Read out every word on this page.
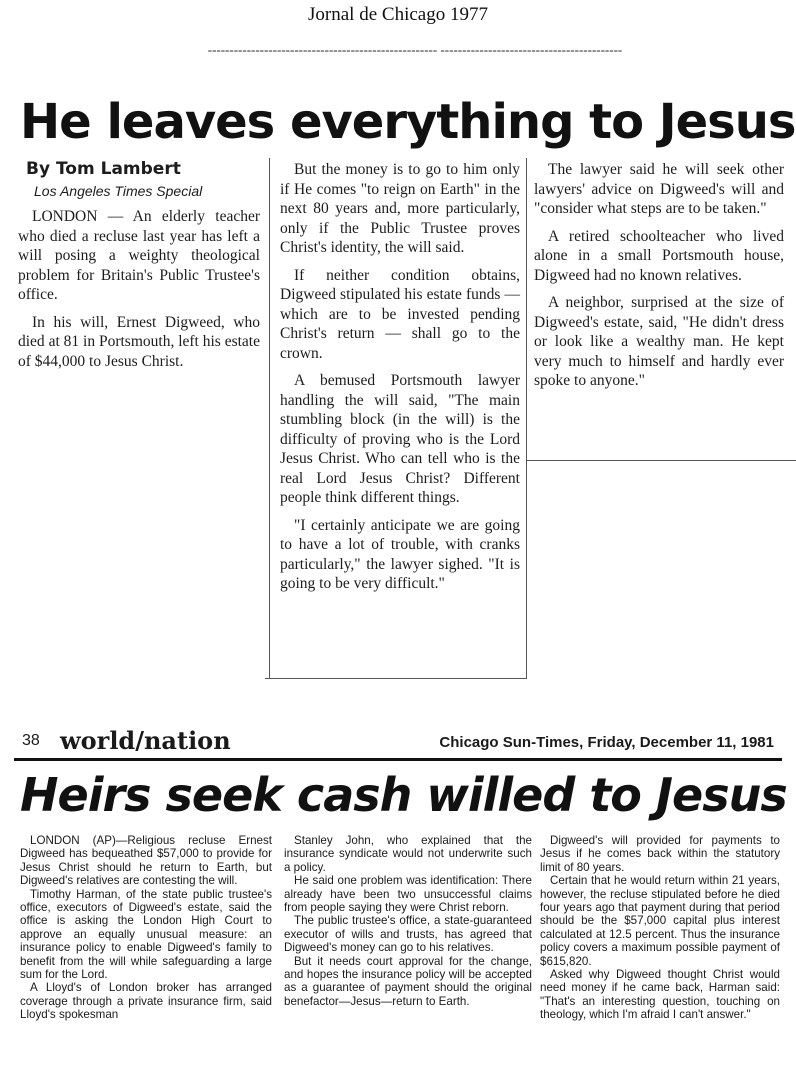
Jornal de Chicago 1977
----------------------------------------------------- ------------------------------------------
He leaves everything to Jesus
By Tom Lambert
Los Angeles Times Special

LONDON — An elderly teacher who died a recluse last year has left a will posing a weighty theological problem for Britain's Public Trustee's office.

In his will, Ernest Digweed, who died at 81 in Portsmouth, left his estate of $44,000 to Jesus Christ.

But the money is to go to him only if He comes "to reign on Earth" in the next 80 years and, more particularly, only if the Public Trustee proves Christ's identity, the will said.

If neither condition obtains, Digweed stipulated his estate funds — which are to be invested pending Christ's return — shall go to the crown.

A bemused Portsmouth lawyer handling the will said, "The main stumbling block (in the will) is the difficulty of proving who is the Lord Jesus Christ. Who can tell who is the real Lord Jesus Christ? Different people think different things.

"I certainly anticipate we are going to have a lot of trouble, with cranks particularly," the lawyer sighed. "It is going to be very difficult."

The lawyer said he will seek other lawyers' advice on Digweed's will and "consider what steps are to be taken."

A retired schoolteacher who lived alone in a small Portsmouth house, Digweed had no known relatives.

A neighbor, surprised at the size of Digweed's estate, said, "He didn't dress or look like a wealthy man. He kept very much to himself and hardly ever spoke to anyone."

38 world/nation	Chicago Sun-Times, Friday, December 11, 1981
Heirs seek cash willed to Jesus

LONDON (AP)—Religious recluse Ernest Digweed has bequeathed $57,000 to provide for Jesus Christ should he return to Earth, but Digweed's relatives are contesting the will.

Timothy Harman, of the state public trustee's office, executors of Digweed's estate, said the office is asking the London High Court to approve an equally unusual measure: an insurance policy to enable Digweed's family to benefit from the will while safeguarding a large sum for the Lord.

A Lloyd's of London broker has arranged coverage through a private insurance firm, said Lloyd's spokesman

Stanley John, who explained that the insurance syndicate would not underwrite such a policy.

He said one problem was identification: There already have been two unsuccessful claims from people saying they were Christ reborn.

The public trustee's office, a state-guaranteed executor of wills and trusts, has agreed that Digweed's money can go to his relatives.

But it needs court approval for the change, and hopes the insurance policy will be accepted as a guarantee of payment should the original benefactor—Jesus—return to Earth.

Digweed's will provided for payments to Jesus if he comes back within the statutory limit of 80 years.

Certain that he would return within 21 years, however, the recluse stipulated before he died four years ago that payment during that period should be the $57,000 capital plus interest calculated at 12.5 percent. Thus the insurance policy covers a maximum possible payment of $615,820.

Asked why Digweed thought Christ would need money if he came back, Harman said: "That's an interesting question, touching on theology, which I'm afraid I can't answer."
